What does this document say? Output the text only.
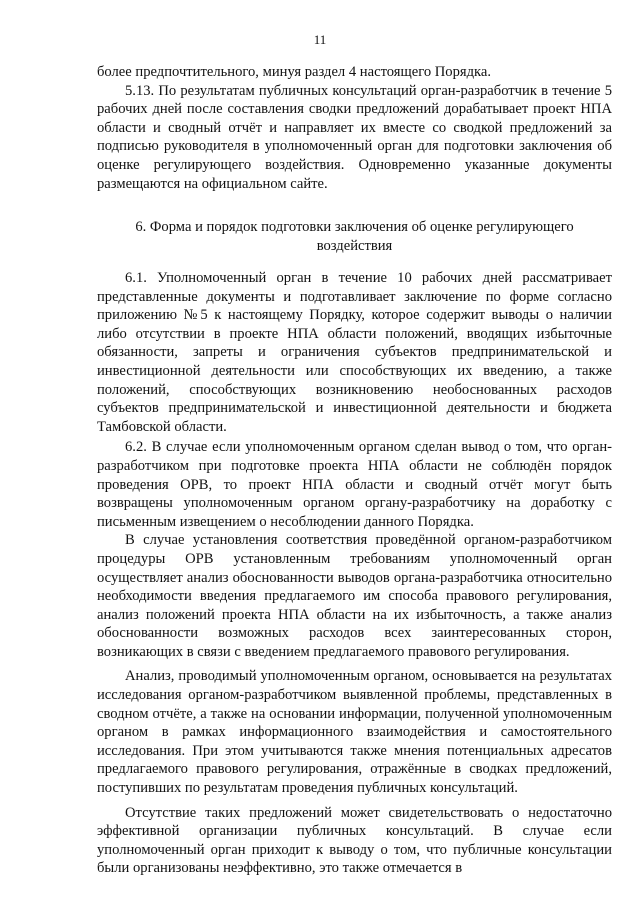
11

более предпочтительного, минуя раздел 4 настоящего Порядка.

5.13. По результатам публичных консультаций орган-разработчик в течение 5 рабочих дней после составления сводки предложений дорабатывает проект НПА области и сводный отчёт и направляет их вместе со сводкой предложений за подписью руководителя в уполномоченный орган для подготовки заключения об оценке регулирующего воздействия. Одновременно указанные документы размещаются на официальном сайте.

6. Форма и порядок подготовки заключения об оценке регулирующего
воздействия

6.1. Уполномоченный орган в течение 10 рабочих дней рассматривает представленные документы и подготавливает заключение по форме согласно приложению №5 к настоящему Порядку, которое содержит выводы о наличии либо отсутствии в проекте НПА области положений, вводящих избыточные обязанности, запреты и ограничения субъектов предпринимательской и инвестиционной деятельности или способствующих их введению, а также положений, способствующих возникновению необоснованных расходов субъектов предпринимательской и инвестиционной деятельности и бюджета Тамбовской области.

6.2. В случае если уполномоченным органом сделан вывод о том, что орган-разработчиком при подготовке проекта НПА области не соблюдён порядок проведения ОРВ, то проект НПА области и сводный отчёт могут быть возвращены уполномоченным органом органу-разработчику на доработку с письменным извещением о несоблюдении данного Порядка.

В случае установления соответствия проведённой органом-разработчиком процедуры ОРВ установленным требованиям уполномоченный орган осуществляет анализ обоснованности выводов органа-разработчика относительно необходимости введения предлагаемого им способа правового регулирования, анализ положений проекта НПА области на их избыточность, а также анализ обоснованности возможных расходов всех заинтересованных сторон, возникающих в связи с введением предлагаемого правового регулирования.

Анализ, проводимый уполномоченным органом, основывается на результатах исследования органом-разработчиком выявленной проблемы, представленных в сводном отчёте, а также на основании информации, полученной уполномоченным органом в рамках информационного взаимодействия и самостоятельного исследования. При этом учитываются также мнения потенциальных адресатов предлагаемого правового регулирования, отражённые в сводках предложений, поступивших по результатам проведения публичных консультаций.

Отсутствие таких предложений может свидетельствовать о недостаточно эффективной организации публичных консультаций. В случае если уполномоченный орган приходит к выводу о том, что публичные консультации были организованы неэффективно, это также отмечается в
